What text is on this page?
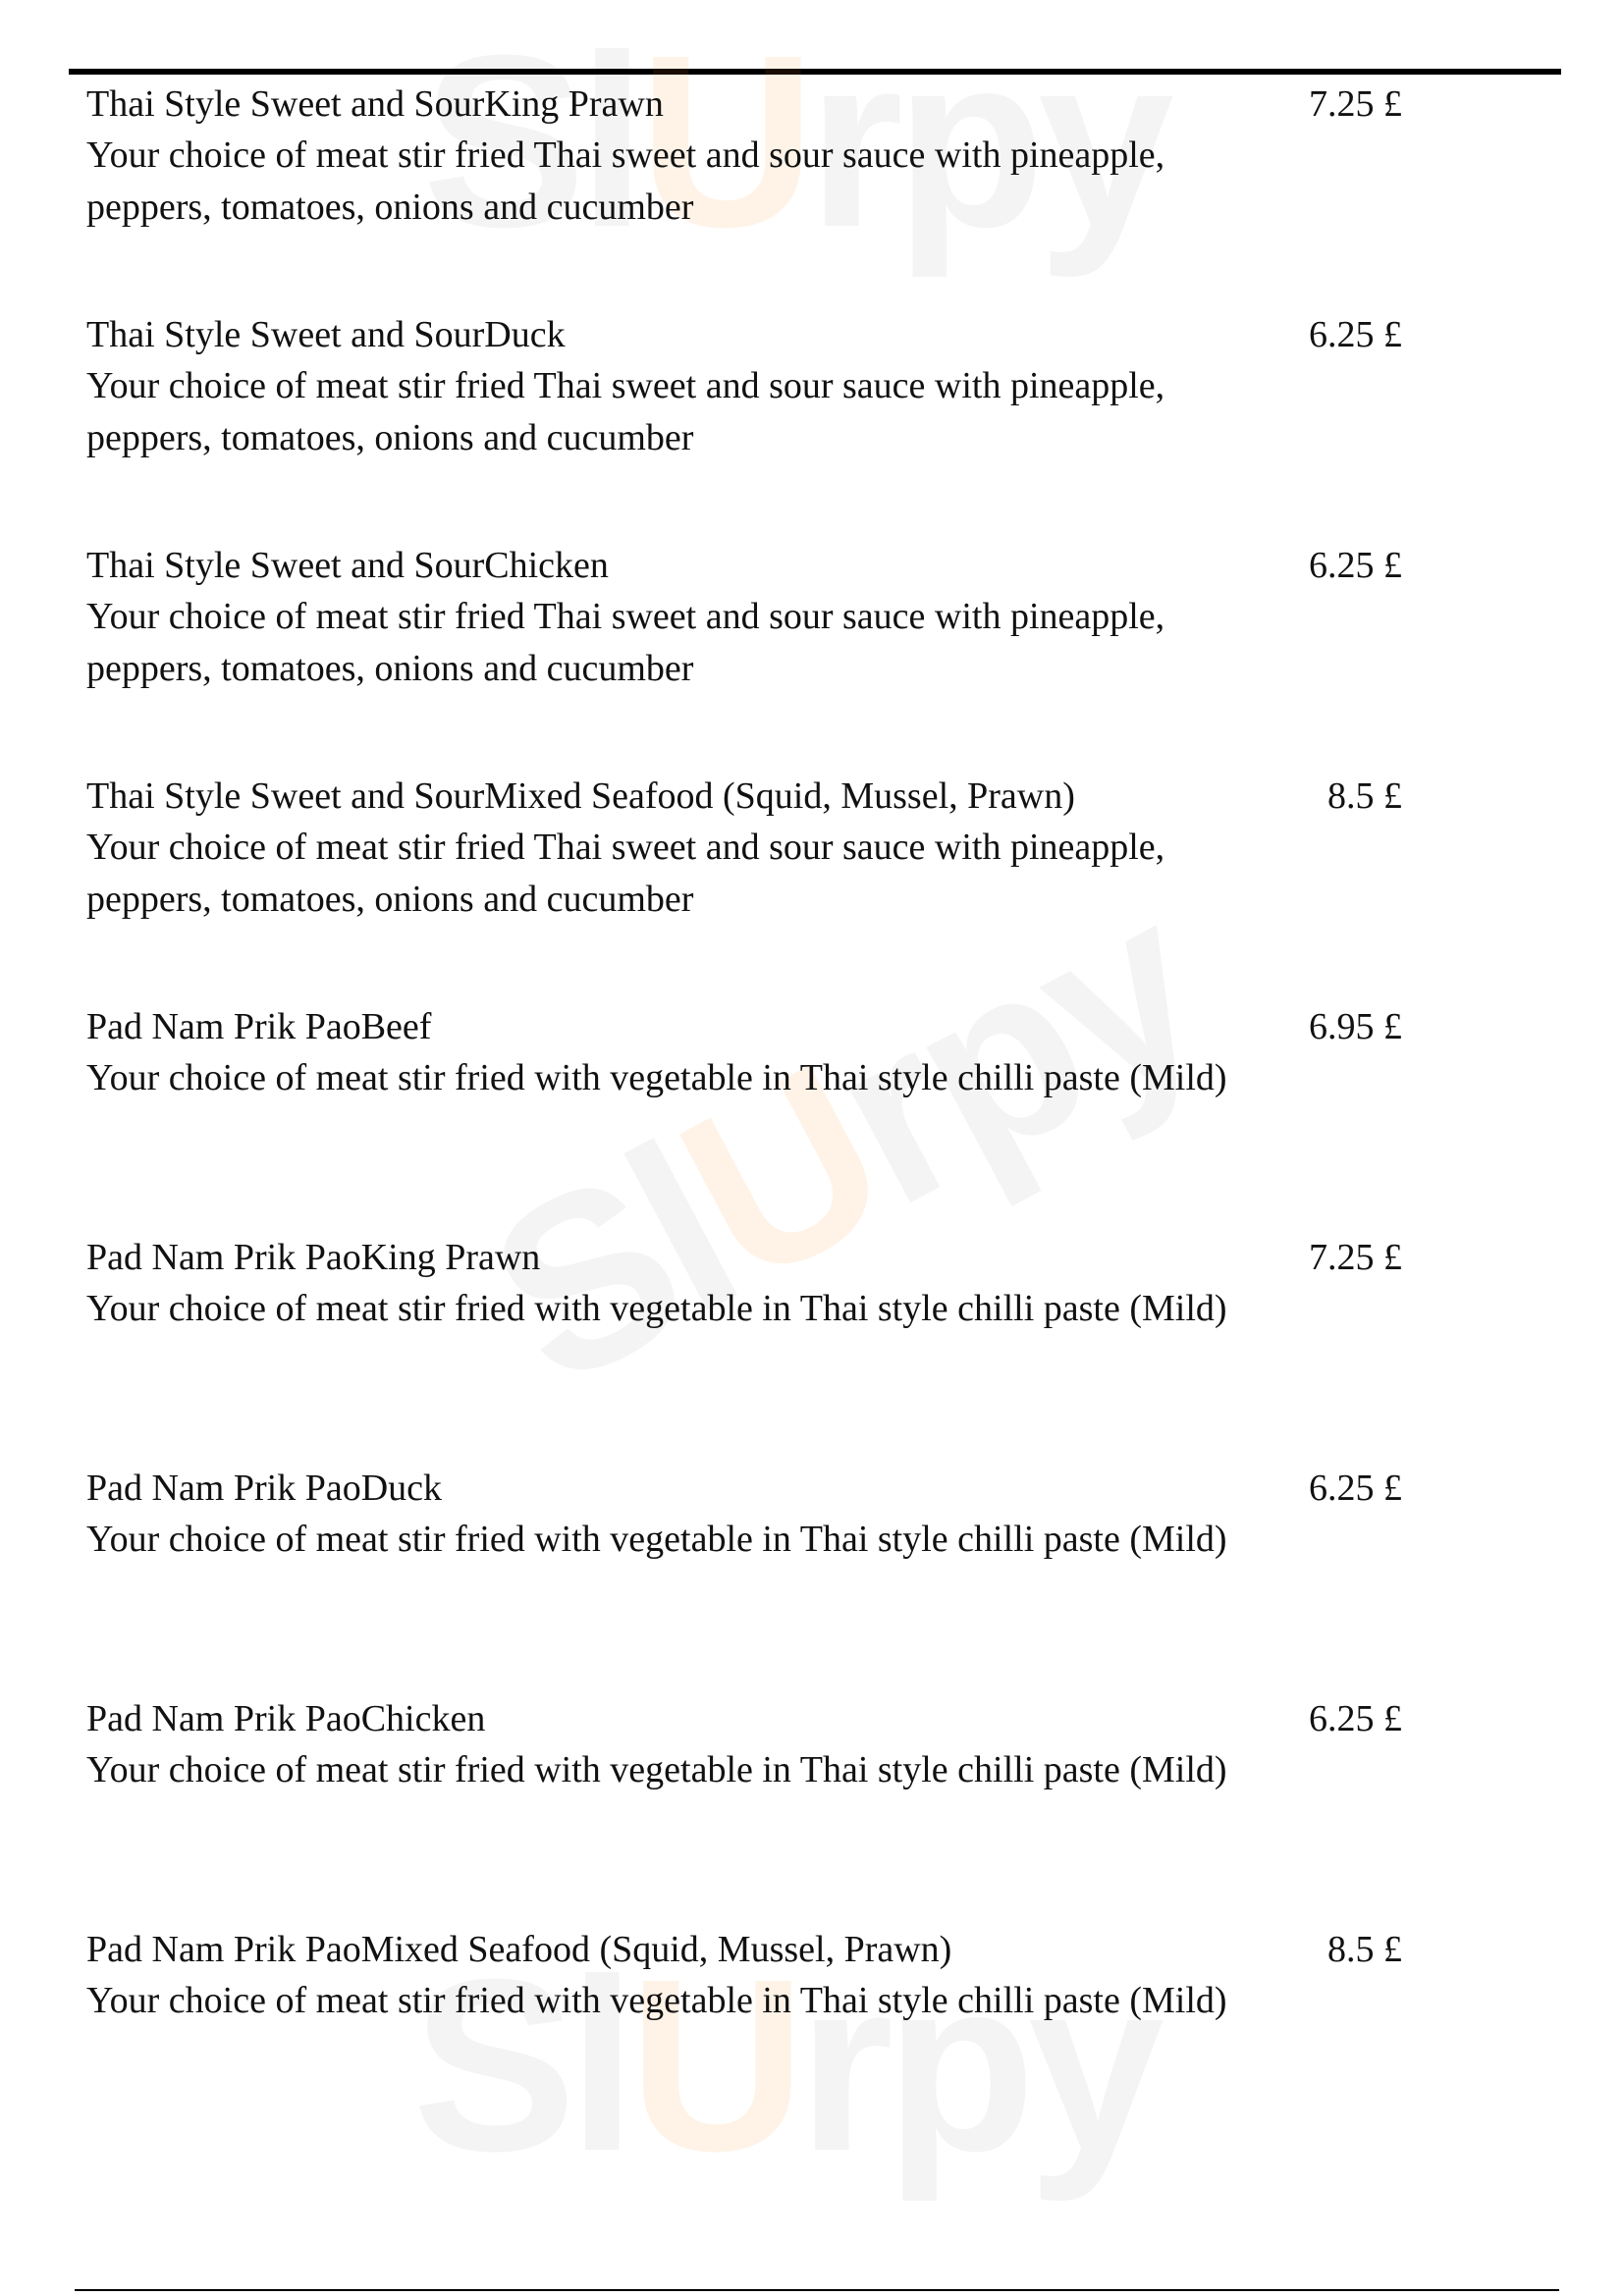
U
U
U
Thai Style Sweet and SourKing Prawn
Your choice of meat stir fried Thai sweet and sour sauce with pineapple, peppers, tomatoes, onions and cucumber
7.25 £
Thai Style Sweet and SourDuck
Your choice of meat stir fried Thai sweet and sour sauce with pineapple, peppers, tomatoes, onions and cucumber
6.25 £
Thai Style Sweet and SourChicken
Your choice of meat stir fried Thai sweet and sour sauce with pineapple, peppers, tomatoes, onions and cucumber
6.25 £
Thai Style Sweet and SourMixed Seafood (Squid, Mussel, Prawn)
Your choice of meat stir fried Thai sweet and sour sauce with pineapple, peppers, tomatoes, onions and cucumber
8.5 £
Pad Nam Prik PaoBeef
Your choice of meat stir fried with vegetable in Thai style chilli paste (Mild)
6.95 £
Pad Nam Prik PaoKing Prawn
Your choice of meat stir fried with vegetable in Thai style chilli paste (Mild)
7.25 £
Pad Nam Prik PaoDuck
Your choice of meat stir fried with vegetable in Thai style chilli paste (Mild)
6.25 £
Pad Nam Prik PaoChicken
Your choice of meat stir fried with vegetable in Thai style chilli paste (Mild)
6.25 £
Pad Nam Prik PaoMixed Seafood (Squid, Mussel, Prawn)
Your choice of meat stir fried with vegetable in Thai style chilli paste (Mild)
8.5 £
